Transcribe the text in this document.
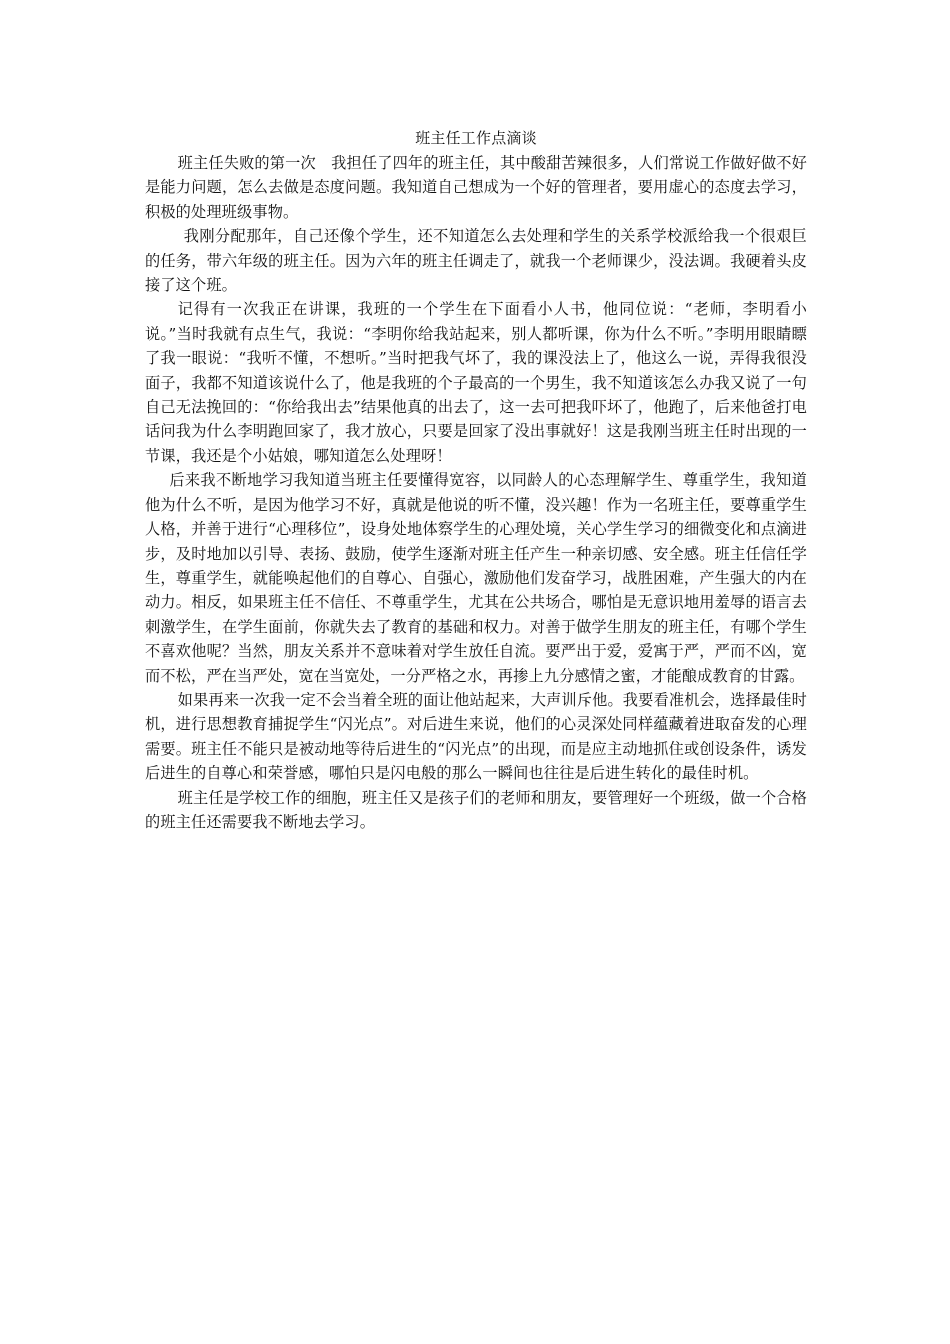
班主任工作点滴谈

班主任失败的第一次　我担任了四年的班主任，其中酸甜苦辣很多，人们常说工作做好做不好是能力问题，怎么去做是态度问题。我知道自己想成为一个好的管理者，要用虚心的态度去学习，积极的处理班级事物。

我刚分配那年，自己还像个学生，还不知道怎么去处理和学生的关系学校派给我一个很艰巨的任务，带六年级的班主任。因为六年的班主任调走了，就我一个老师课少，没法调。我硬着头皮接了这个班。

记得有一次我正在讲课，我班的一个学生在下面看小人书，他同位说：“老师，李明看小说。”当时我就有点生气，我说：“李明你给我站起来，别人都听课，你为什么不听。”李明用眼睛瞟了我一眼说：“我听不懂，不想听。”当时把我气坏了，我的课没法上了，他这么一说，弄得我很没面子，我都不知道该说什么了，他是我班的个子最高的一个男生，我不知道该怎么办我又说了一句自己无法挽回的：“你给我出去”结果他真的出去了，这一去可把我吓坏了，他跑了，后来他爸打电话问我为什么李明跑回家了，我才放心，只要是回家了没出事就好！这是我刚当班主任时出现的一节课，我还是个小姑娘，哪知道怎么处理呀！

后来我不断地学习我知道当班主任要懂得宽容，以同龄人的心态理解学生、尊重学生，我知道他为什么不听，是因为他学习不好，真就是他说的听不懂，没兴趣！作为一名班主任，要尊重学生人格，并善于进行“心理移位”，设身处地体察学生的心理处境，关心学生学习的细微变化和点滴进步，及时地加以引导、表扬、鼓励，使学生逐渐对班主任产生一种亲切感、安全感。班主任信任学生，尊重学生，就能唤起他们的自尊心、自强心，激励他们发奋学习，战胜困难，产生强大的内在动力。相反，如果班主任不信任、不尊重学生，尤其在公共场合，哪怕是无意识地用羞辱的语言去刺激学生，在学生面前，你就失去了教育的基础和权力。对善于做学生朋友的班主任，有哪个学生不喜欢他呢？当然，朋友关系并不意味着对学生放任自流。要严出于爱，爱寓于严，严而不凶，宽而不松，严在当严处，宽在当宽处，一分严格之水，再掺上九分感情之蜜，才能酿成教育的甘露。

如果再来一次我一定不会当着全班的面让他站起来，大声训斥他。我要看准机会，选择最佳时机，进行思想教育捕捉学生“闪光点”。对后进生来说，他们的心灵深处同样蕴藏着进取奋发的心理需要。班主任不能只是被动地等待后进生的“闪光点”的出现，而是应主动地抓住或创设条件，诱发后进生的自尊心和荣誉感，哪怕只是闪电般的那么一瞬间也往往是后进生转化的最佳时机。

班主任是学校工作的细胞，班主任又是孩子们的老师和朋友，要管理好一个班级，做一个合格的班主任还需要我不断地去学习。
